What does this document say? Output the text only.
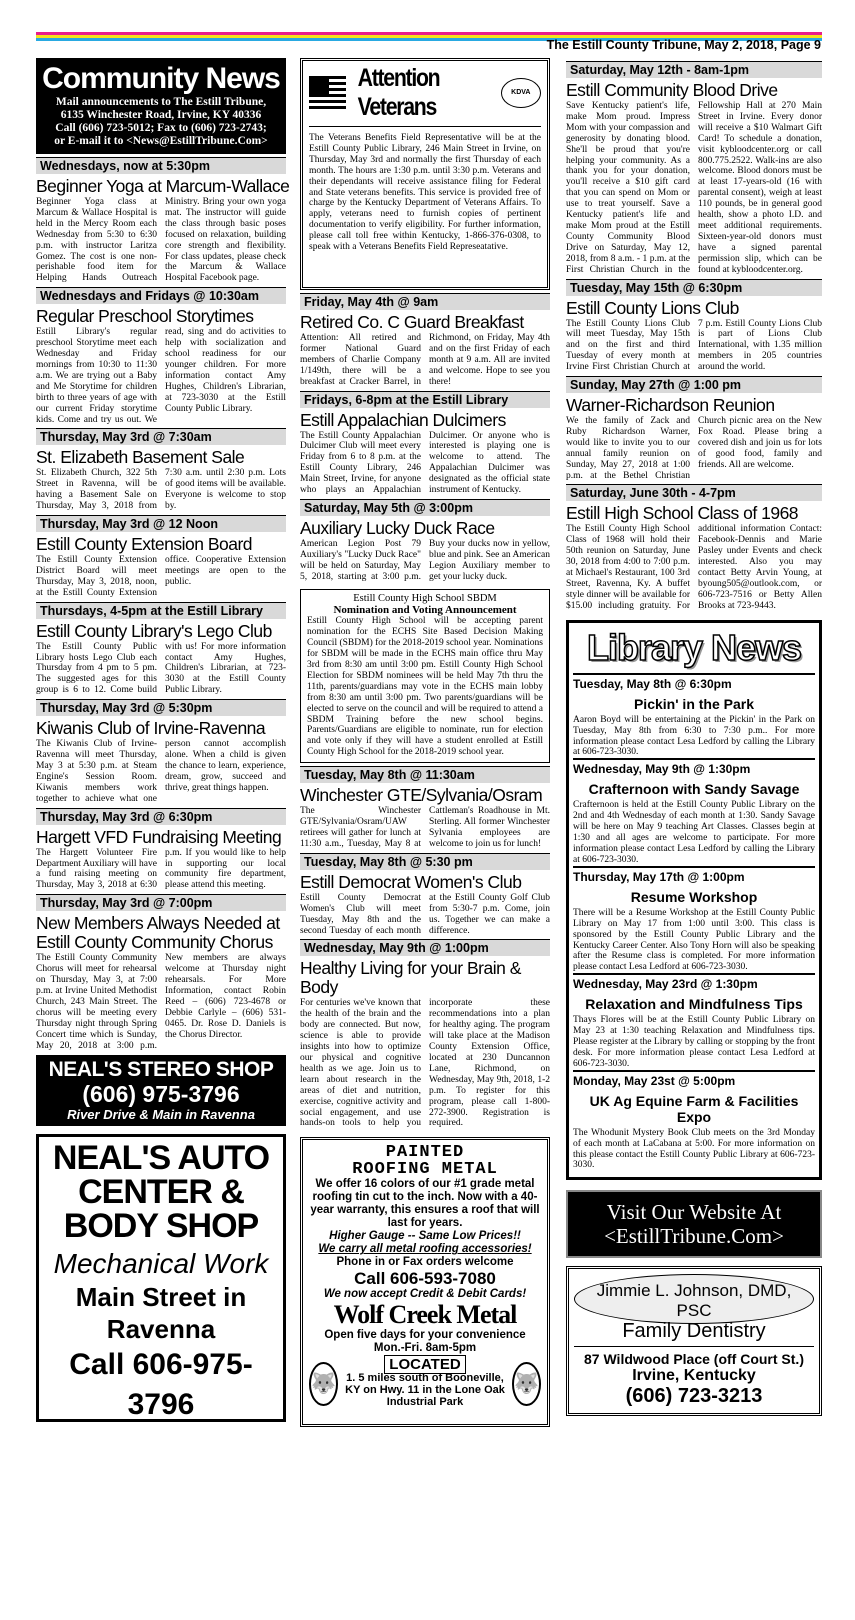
The Estill County Tribune, May 2, 2018, Page 9
Community News
Mail announcements to The Estill Tribune,
6135 Winchester Road, Irvine, KY 40336
Call (606) 723-5012; Fax to (606) 723-2743;
or E-mail it to <News@EstillTribune.Com>
Wednesdays, now at 5:30pm
Beginner Yoga at Marcum-Wallace
Beginner Yoga class at Marcum & Wallace Hospital is held in the Mercy Room each Wednesday from 5:30 to 6:30 p.m. with instructor Laritza Gomez. The cost is one non-perishable food item for Helping Hands Outreach Ministry. Bring your own yoga mat. The instructor will guide the class through basic poses focused on relaxation, building core strength and flexibility. For class updates, please check the Marcum & Wallace Hospital Facebook page.
Wednesdays and Fridays @ 10:30am
Regular Preschool Storytimes
Estill Library's regular preschool Storytime meet each Wednesday and Friday mornings from 10:30 to 11:30 a.m. We are trying out a Baby and Me Storytime for children birth to three years of age with our current Friday storytime kids. Come and try us out. We read, sing and do activities to help with socialization and school readiness for our younger children. For more information contact Amy Hughes, Children's Librarian, at 723-3030 at the Estill County Public Library.
Thursday, May 3rd @ 7:30am
St. Elizabeth Basement Sale
St. Elizabeth Church, 322 5th Street in Ravenna, will be having a Basement Sale on Thursday, May 3, 2018 from 7:30 a.m. until 2:30 p.m. Lots of good items will be available. Everyone is welcome to stop by.
Thursday, May 3rd @ 12 Noon
Estill County Extension Board
The Estill County Extension District Board will meet Thursday, May 3, 2018, noon, at the Estill County Extension office. Cooperative Extension meetings are open to the public.
Thursdays, 4-5pm at the Estill Library
Estill County Library's Lego Club
The Estill County Public Library hosts Lego Club each Thursday from 4 pm to 5 pm. The suggested ages for this group is 6 to 12. Come build with us! For more information contact Amy Hughes, Children's Librarian, at 723-3030 at the Estill County Public Library.
Thursday, May 3rd @ 5:30pm
Kiwanis Club of Irvine-Ravenna
The Kiwanis Club of Irvine-Ravenna will meet Thursday, May 3 at 5:30 p.m. at Steam Engine's Session Room. Kiwanis members work together to achieve what one person cannot accomplish alone. When a child is given the chance to learn, experience, dream, grow, succeed and thrive, great things happen.
Thursday, May 3rd @ 6:30pm
Hargett VFD Fundraising Meeting
The Hargett Volunteer Fire Department Auxiliary will have a fund raising meeting on Thursday, May 3, 2018 at 6:30 p.m. If you would like to help in supporting our local community fire department, please attend this meeting.
Thursday, May 3rd @ 7:00pm
New Members Always Needed at Estill County Community Chorus
The Estill County Community Chorus will meet for rehearsal on Thursday, May 3, at 7:00 p.m. at Irvine United Methodist Church, 243 Main Street. The chorus will be meeting every Thursday night through Spring Concert time which is Sunday, May 20, 2018 at 3:00 p.m. New members are always welcome at Thursday night rehearsals. For More Information, contact Robin Reed – (606) 723-4678 or Debbie Carlyle – (606) 531-0465. Dr. Rose D. Daniels is the Chorus Director.
NEAL'S STEREO SHOP
(606) 975-3796
River Drive & Main in Ravenna
NEAL'S AUTO
CENTER &
BODY SHOP
Mechanical Work
Main Street in Ravenna
Call 606-975-3796
Attention Veterans
KDVA
The Veterans Benefits Field Representative will be at the Estill County Public Library, 246 Main Street in Irvine, on Thursday, May 3rd and normally the first Thursday of each month. The hours are 1:30 p.m. until 3:30 p.m. Veterans and their dependants will receive assistance filing for Federal and State veterans benefits. This service is provided free of charge by the Kentucky Department of Veterans Affairs. To apply, veterans need to furnish copies of pertinent documentation to verify eligibility. For further information, please call toll free within Kentucky, 1-866-376-0308, to speak with a Veterans Benefits Field Represeatative.
Friday, May 4th @ 9am
Retired Co. C Guard Breakfast
Attention: All retired and former National Guard members of Charlie Company 1/149th, there will be a breakfast at Cracker Barrel, in Richmond, on Friday, May 4th and on the first Friday of each month at 9 a.m. All are invited and welcome. Hope to see you there!
Fridays, 6-8pm at the Estill Library
Estill Appalachian Dulcimers
The Estill County Appalachian Dulcimer Club will meet every Friday from 6 to 8 p.m. at the Estill County Library, 246 Main Street, Irvine, for anyone who plays an Appalachian Dulcimer. Or anyone who is interested is playing one is welcome to attend. The Appalachian Dulcimer was designated as the official state instrument of Kentucky.
Saturday, May 5th @ 3:00pm
Auxiliary Lucky Duck Race
American Legion Post 79 Auxiliary's "Lucky Duck Race" will be held on Saturday, May 5, 2018, starting at 3:00 p.m. Buy your ducks now in yellow, blue and pink. See an American Legion Auxiliary member to get your lucky duck.
Estill County High School SBDM
Nomination and Voting Announcement
Estill County High School will be accepting parent nomination for the ECHS Site Based Decision Making Council (SBDM) for the 2018-2019 school year. Nominations for SBDM will be made in the ECHS main office thru May 3rd from 8:30 am until 3:00 pm. Estill County High School Election for SBDM nominees will be held May 7th thru the 11th, parents/guardians may vote in the ECHS main lobby from 8:30 am until 3:00 pm. Two parents/guardians will be elected to serve on the council and will be required to attend a SBDM Training before the new school begins. Parents/Guardians are eligible to nominate, run for election and vote only if they will have a student enrolled at Estill County High School for the 2018-2019 school year.
Tuesday, May 8th @ 11:30am
Winchester GTE/Sylvania/Osram
The Winchester GTE/Sylvania/Osram/UAW retirees will gather for lunch at 11:30 a.m., Tuesday, May 8 at Cattleman's Roadhouse in Mt. Sterling. All former Winchester Sylvania employees are welcome to join us for lunch!
Tuesday, May 8th @ 5:30 pm
Estill Democrat Women's Club
Estill County Democrat Women's Club will meet Tuesday, May 8th and the second Tuesday of each month at the Estill County Golf Club from 5:30-7 p.m. Come, join us. Together we can make a difference.
Wednesday, May 9th @ 1:00pm
Healthy Living for your Brain & Body
For centuries we've known that the health of the brain and the body are connected. But now, science is able to provide insights into how to optimize our physical and cognitive health as we age. Join us to learn about research in the areas of diet and nutrition, exercise, cognitive activity and social engagement, and use hands-on tools to help you incorporate these recommendations into a plan for healthy aging. The program will take place at the Madison County Extension Office, located at 230 Duncannon Lane, Richmond, on Wednesday, May 9th, 2018, 1-2 p.m. To register for this program, please call 1-800-272-3900. Registration is required.
PAINTED
ROOFING METAL
We offer 16 colors of our #1 grade metal roofing tin cut to the inch. Now with a 40-year warranty, this ensures a roof that will last for years.
Higher Gauge -- Same Low Prices!!
We carry all metal roofing accessories!
Phone in or Fax orders welcome
Call 606-593-7080
We now accept Credit & Debit Cards!
Wolf Creek Metal
Open five days for your convenience
Mon.-Fri. 8am-5pm
🐺
LOCATED
1. 5 miles south of Booneville, KY on Hwy. 11 in the Lone Oak Industrial Park
🐺
Saturday, May 12th - 8am-1pm
Estill Community Blood Drive
Save Kentucky patient's life, make Mom proud. Impress Mom with your compassion and generosity by donating blood. She'll be proud that you're helping your community. As a thank you for your donation, you'll receive a $10 gift card that you can spend on Mom or use to treat yourself. Save a Kentucky patient's life and make Mom proud at the Estill County Community Blood Drive on Saturday, May 12, 2018, from 8 a.m. - 1 p.m. at the First Christian Church in the Fellowship Hall at 270 Main Street in Irvine. Every donor will receive a $10 Walmart Gift Card! To schedule a donation, visit kybloodcenter.org or call 800.775.2522. Walk-ins are also welcome. Blood donors must be at least 17-years-old (16 with parental consent), weigh at least 110 pounds, be in general good health, show a photo I.D. and meet additional requirements. Sixteen-year-old donors must have a signed parental permission slip, which can be found at kybloodcenter.org.
Tuesday, May 15th @ 6:30pm
Estill County Lions Club
The Estill County Lions Club will meet Tuesday, May 15th and on the first and third Tuesday of every month at Irvine First Christian Church at 7 p.m. Estill County Lions Club is part of Lions Club International, with 1.35 million members in 205 countries around the world.
Sunday, May 27th @ 1:00 pm
Warner-Richardson Reunion
We the family of Zack and Ruby Richardson Warner, would like to invite you to our annual family reunion on Sunday, May 27, 2018 at 1:00 p.m. at the Bethel Christian Church picnic area on the New Fox Road. Please bring a covered dish and join us for lots of good food, family and friends. All are welcome.
Saturday, June 30th - 4-7pm
Estill High School Class of 1968
The Estill County High School Class of 1968 will hold their 50th reunion on Saturday, June 30, 2018 from 4:00 to 7:00 p.m. at Michael's Restaurant, 100 3rd Street, Ravenna, Ky. A buffet style dinner will be available for $15.00 including gratuity. For additional information Contact: Facebook-Dennis and Marie Pasley under Events and check interested. Also you may contact Betty Arvin Young, at byoung505@outlook.com, or 606-723-7516 or Betty Allen Brooks at 723-9443.
Library News
Tuesday, May 8th @ 6:30pm
Pickin' in the Park
Aaron Boyd will be entertaining at the Pickin' in the Park on Tuesday, May 8th from 6:30 to 7:30 p.m.. For more information please contact Lesa Ledford by calling the Library at 606-723-3030.
Wednesday, May 9th @ 1:30pm
Crafternoon with Sandy Savage
Crafternoon is held at the Estill County Public Library on the 2nd and 4th Wednesday of each month at 1:30. Sandy Savage will be here on May 9 teaching Art Classes. Classes begin at 1:30 and all ages are welcome to participate. For more information please contact Lesa Ledford by calling the Library at 606-723-3030.
Thursday, May 17th @ 1:00pm
Resume Workshop
There will be a Resume Workshop at the Estill County Public Library on May 17 from 1:00 until 3:00. This class is sponsored by the Estill County Public Library and the Kentucky Career Center. Also Tony Horn will also be speaking after the Resume class is completed. For more information please contact Lesa Ledford at 606-723-3030.
Wednesday, May 23rd @ 1:30pm
Relaxation and Mindfulness Tips
Thays Flores will be at the Estill County Public Library on May 23 at 1:30 teaching Relaxation and Mindfulness tips. Please register at the Library by calling or stopping by the front desk. For more information please contact Lesa Ledford at 606-723-3030.
Monday, May 23st @ 5:00pm
UK Ag Equine Farm & Facilities Expo
The Whodunit Mystery Book Club meets on the 3rd Monday of each month at LaCabana at 5:00. For more information on this please contact the Estill County Public Library at 606-723-3030.
Visit Our Website At
<EstillTribune.Com>
Jimmie L. Johnson, DMD, PSC
Family Dentistry
87 Wildwood Place (off Court St.)
Irvine, Kentucky
(606) 723-3213
